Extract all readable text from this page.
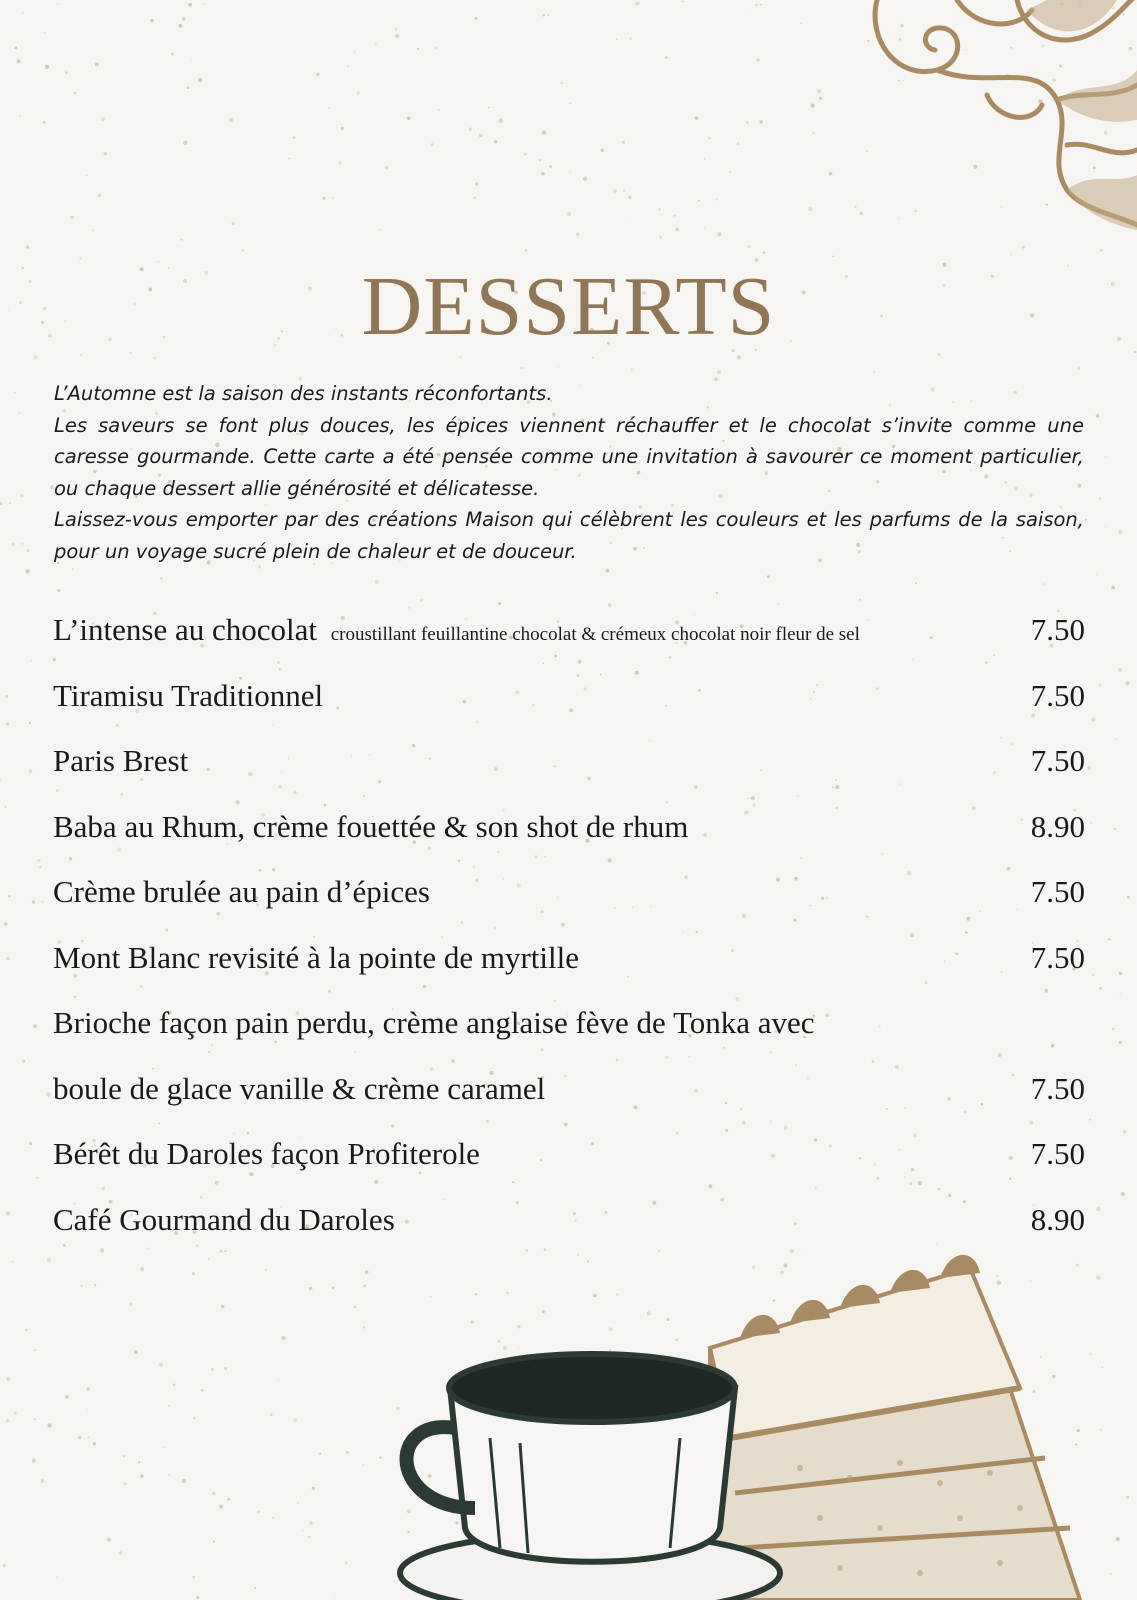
DESSERTS

L’Automne est la saison des instants réconfortants.

Les saveurs se font plus douces, les épices viennent réchauffer et le chocolat s’invite comme une caresse gourmande. Cette carte a été pensée comme une invitation à savourer ce moment particulier, ou chaque dessert allie générosité et délicatesse.

Laissez-vous emporter par des créations Maison qui célèbrent les couleurs et les parfums de la saison, pour un voyage sucré plein de chaleur et de douceur.

L’intense au chocolat croustillant feuillantine chocolat & crémeux chocolat noir fleur de sel	7.50
Tiramisu Traditionnel	7.50
Paris Brest	7.50
Baba au Rhum, crème fouettée & son shot de rhum	8.90
Crème brulée au pain d’épices	7.50
Mont Blanc revisité à la pointe de myrtille	7.50
Brioche façon pain perdu, crème anglaise fève de Tonka avec
boule de glace vanille & crème caramel	7.50
Bérêt du Daroles façon Profiterole	7.50
Café Gourmand du Daroles	8.90
